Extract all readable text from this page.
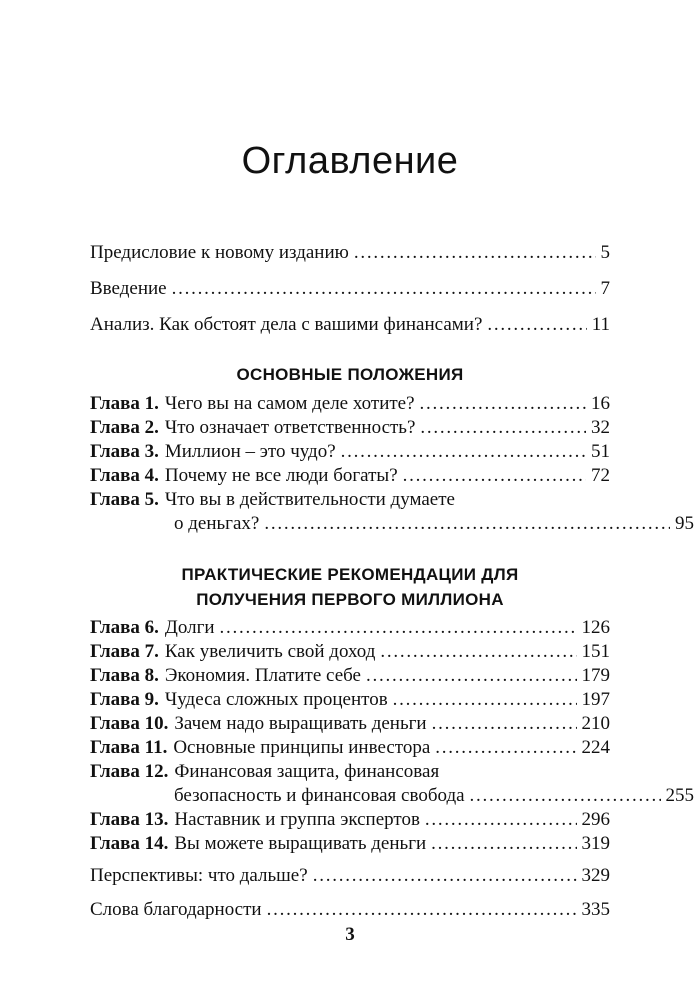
Оглавление
Предисловие к новому изданию . . .	5
Введение . . .	7
Анализ. Как обстоят дела с вашими финансами? . . .	11
Глава 1. Чего вы на самом деле хотите? . . .	16
Глава 2. Что означает ответственность? . . .	32
Глава 3. Миллион – это чудо? . . .	51
Глава 4. Почему не все люди богаты? . . .	72
Глава 5. Что вы в действительности думаете
о деньгах? . . .	95
Глава 6. Долги . . .	126
Глава 7. Как увеличить свой доход . . .	151
Глава 8. Экономия. Платите себе . . .	179
Глава 9. Чудеса сложных процентов . . .	197
Глава 10. Зачем надо выращивать деньги . . .	210
Глава 11. Основные принципы инвестора . . .	224
Глава 12. Финансовая защита, финансовая
безопасность и финансовая свобода . . .	255
Глава 13. Наставник и группа экспертов . . .	296
Глава 14. Вы можете выращивать деньги . . .	319
Перспективы: что дальше? . . .	329
Слова благодарности . . .	335
ОСНОВНЫЕ ПОЛОЖЕНИЯ
ПРАКТИЧЕСКИЕ РЕКОМЕНДАЦИИ ДЛЯ
ПОЛУЧЕНИЯ ПЕРВОГО МИЛЛИОНА
3
